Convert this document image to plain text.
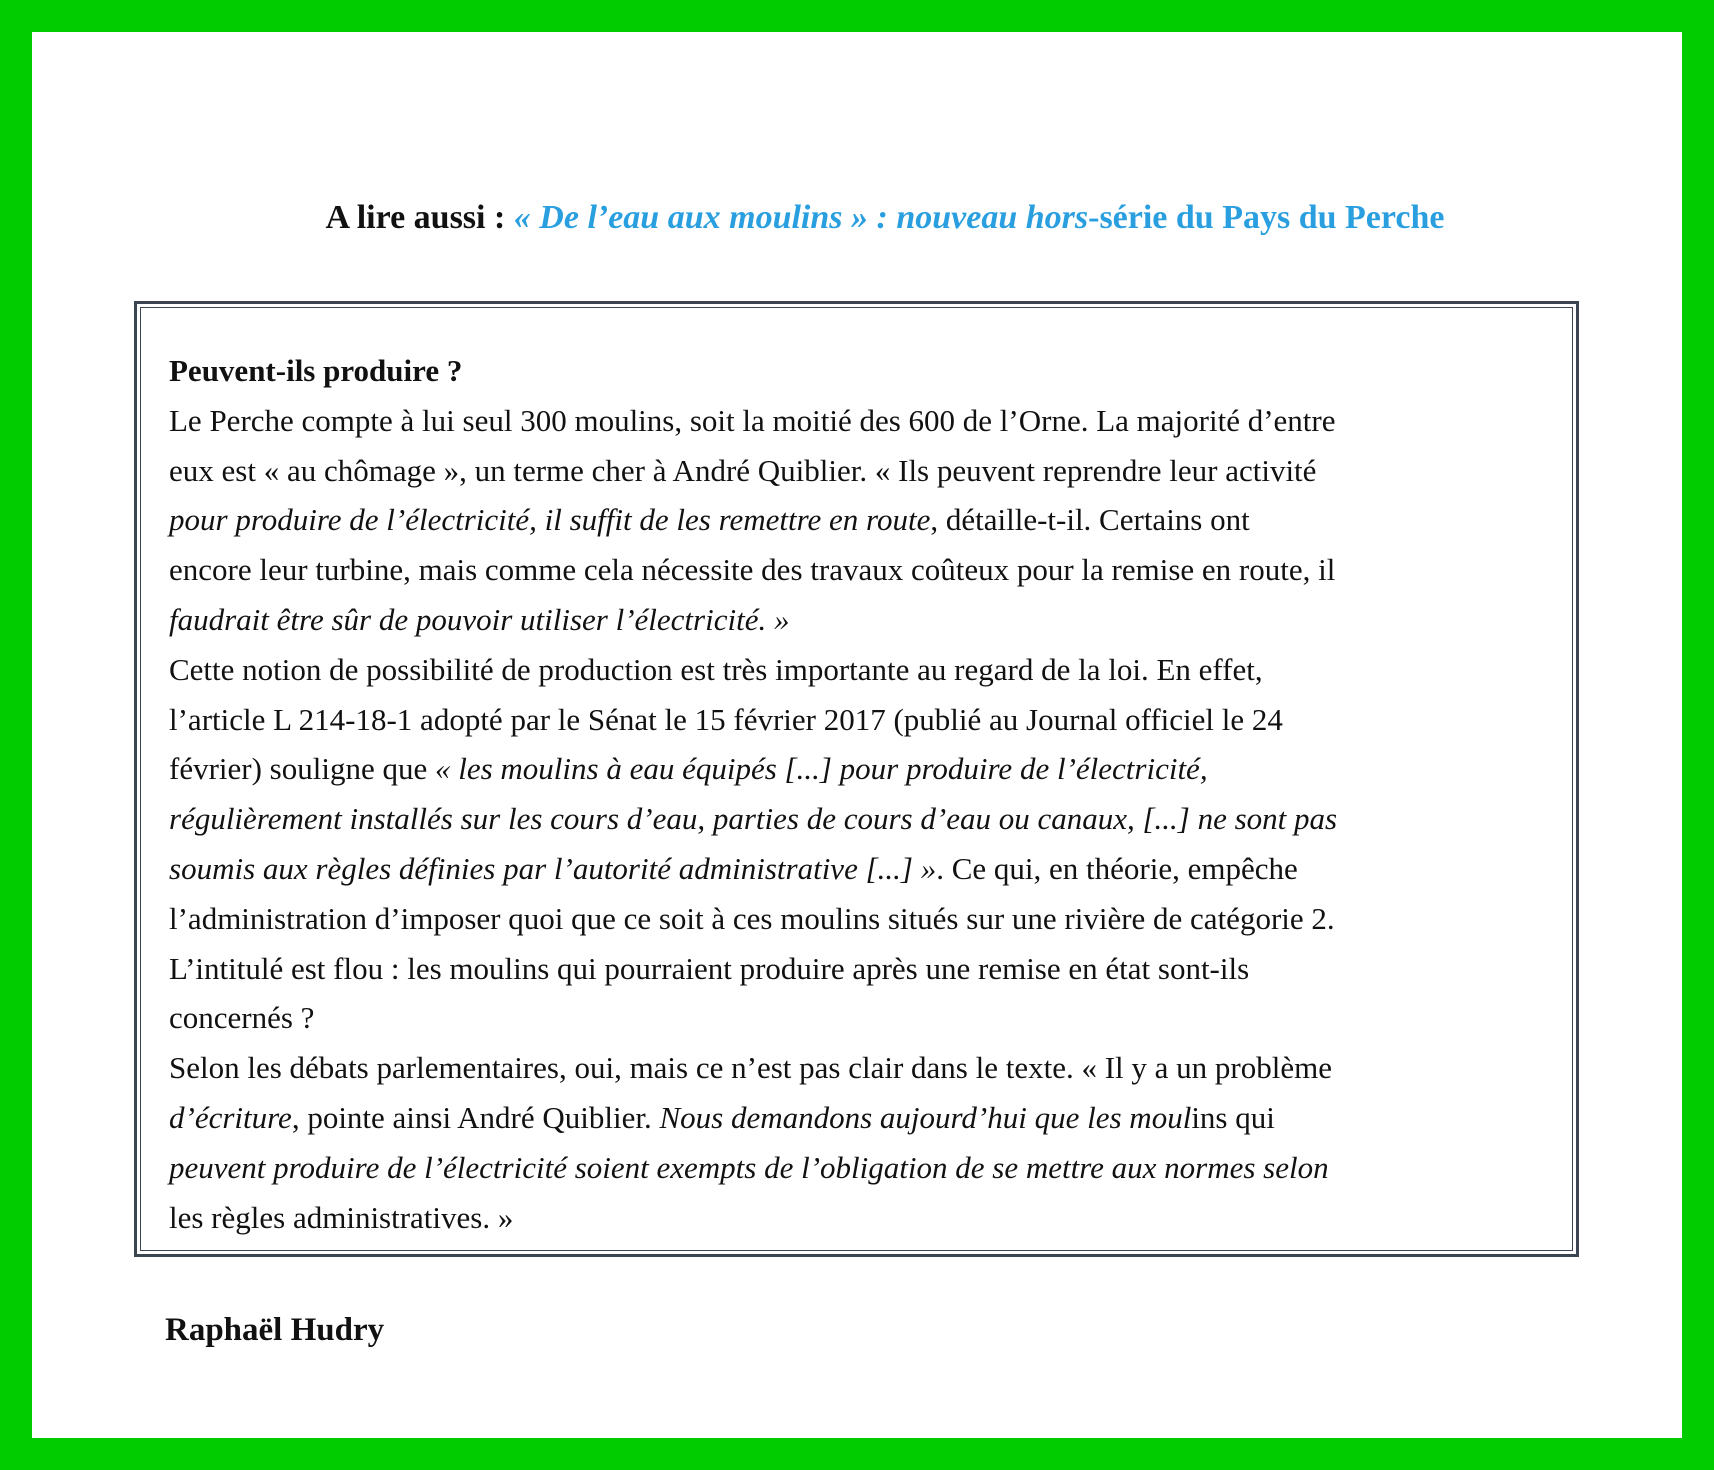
A lire aussi : « De l’eau aux moulins » : nouveau hors-série du Pays du Perche
Peuvent-ils produire ?
Le Perche compte à lui seul 300 moulins, soit la moitié des 600 de l’Orne. La majorité d’entre
eux est « au chômage », un terme cher à André Quiblier. « Ils peuvent reprendre leur activité
pour produire de l’électricité, il suffit de les remettre en route, détaille-t-il. Certains ont
encore leur turbine, mais comme cela nécessite des travaux coûteux pour la remise en route, il
faudrait être sûr de pouvoir utiliser l’électricité. »
Cette notion de possibilité de production est très importante au regard de la loi. En effet,
l’article L 214-18-1 adopté par le Sénat le 15 février 2017 (publié au Journal officiel le 24
février) souligne que « les moulins à eau équipés [...] pour produire de l’électricité,
régulièrement installés sur les cours d’eau, parties de cours d’eau ou canaux, [...] ne sont pas
soumis aux règles définies par l’autorité administrative [...] ». Ce qui, en théorie, empêche
l’administration d’imposer quoi que ce soit à ces moulins situés sur une rivière de catégorie 2.
L’intitulé est flou : les moulins qui pourraient produire après une remise en état sont-ils
concernés ?
Selon les débats parlementaires, oui, mais ce n’est pas clair dans le texte. « Il y a un problème
d’écriture, pointe ainsi André Quiblier. Nous demandons aujourd’hui que les moulins qui
peuvent produire de l’électricité soient exempts de l’obligation de se mettre aux normes selon
les règles administratives. »
Raphaël Hudry
